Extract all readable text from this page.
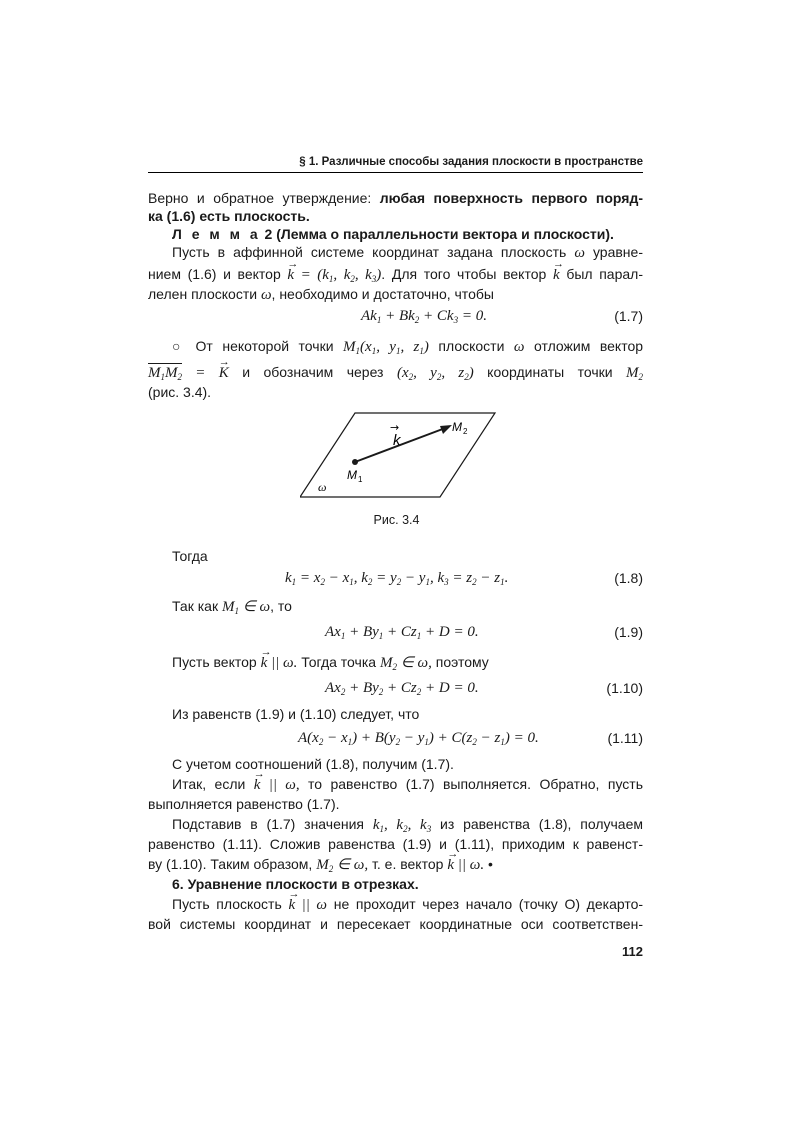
§ 1. Различные способы задания плоскости в пространстве
Верно и обратное утверждение: любая поверхность первого поряд-
ка (1.6) есть плоскость.
Л е м м а 2 (Лемма о параллельности вектора и плоскости).
Пусть в аффинной системе координат задана плоскость ω уравне-
нием (1.6) и вектор → $k = (k_1$, $k_2$, $k_3$). Для того чтобы вектор → k был парал-
лелен плоскости ω, необходимо и достаточно, чтобы
$Ak_1 + Bk_2 + Ck_3 = 0$.	(1.7)
○ От некоторой точки $M_1(x_1$, $y_1$, $z_1$) плоскости ω отложим вектор
$M_1M_2$ = → K и обозначим через ($x_2$, $y_2$, $z_2$) координаты точки $M_2$
(рис. 3.4).
k
→	M 2
M 1
ω
Рис. 3.4
Тогда
$k_1 = x_2 - x_1$, $k_2 = y_2 - y_1$, $k_3 = z_2 - z_1$.	(1.8)
Так как $M_1$ ∈ ω, то
$Ax_1 + By_1 + Cz_1 + D = 0$.	(1.9)
Пусть вектор → k || ω. Тогда точка $M_2$ ∈ ω, поэтому
$Ax_2 + By_2 + Cz_2 + D = 0$.	(1.10)
Из равенств (1.9) и (1.10) следует, что
$A(x_2 - x_1) + B(y_2 - y_1) + C(z_2 - z_1) = 0$.	(1.11)
С учетом соотношений (1.8), получим (1.7).
Итак, если → k || ω, то равенство (1.7) выполняется. Обратно, пусть
выполняется равенство (1.7).
Подставив в (1.7) значения $k_1$, $k_2$, $k_3$ из равенства (1.8), получаем
равенство (1.11). Сложив равенства (1.9) и (1.11), приходим к равенст-
ву (1.10). Таким образом, $M_2$ ∈ ω, т. е. вектор → k || ω. •
6. Уравнение плоскости в отрезках.
Пусть плоскость → k || ω не проходит через начало (точку О) декарто-
вой системы координат и пересекает координатные оси соответствен-
112
